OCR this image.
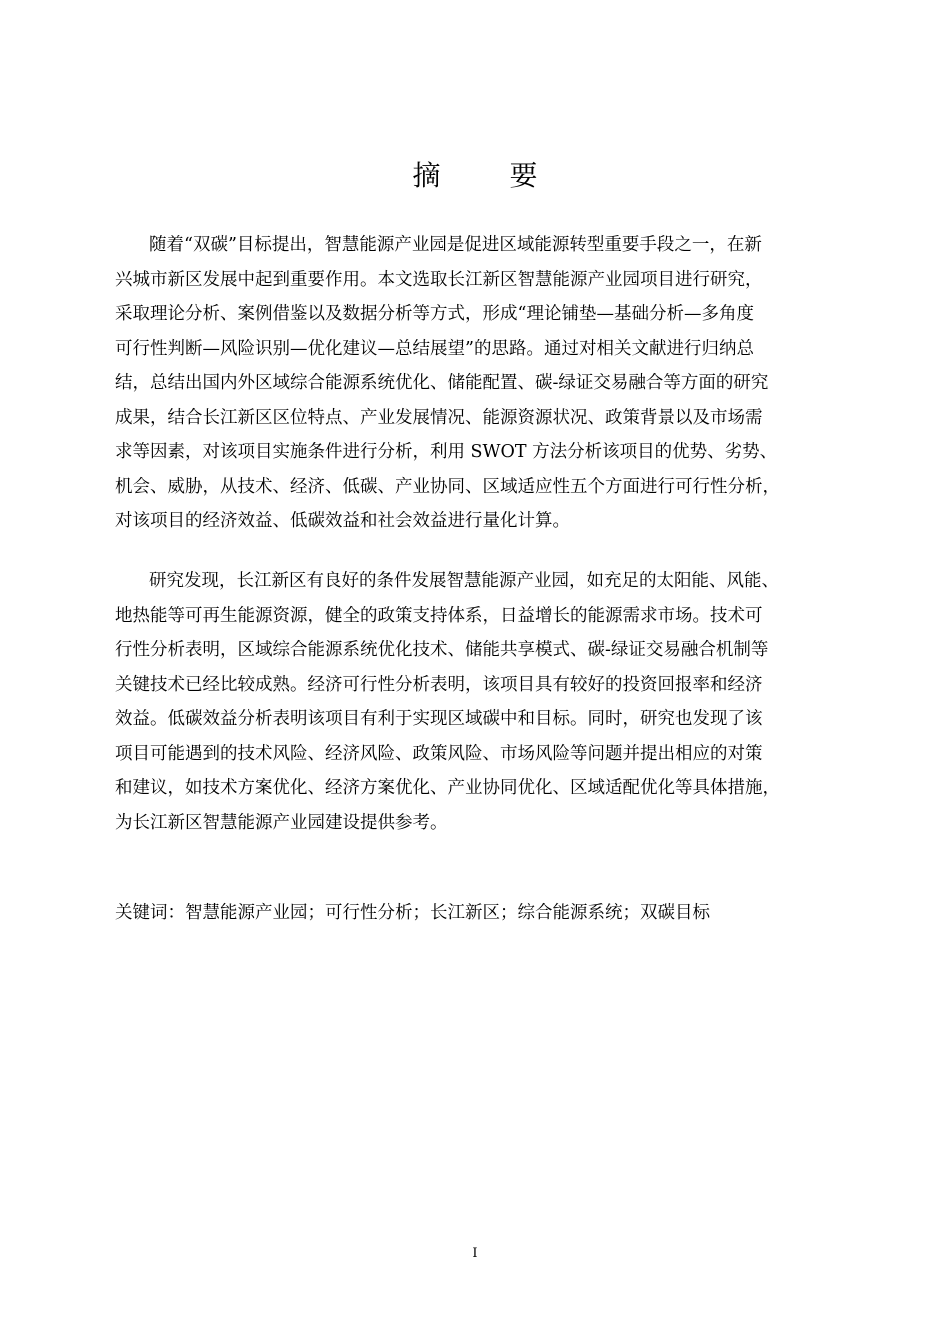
摘 要
随着“双碳”目标提出，智慧能源产业园是促进区域能源转型重要手段之一，在新
兴城市新区发展中起到重要作用。本文选取长江新区智慧能源产业园项目进行研究，
采取理论分析、案例借鉴以及数据分析等方式，形成“理论铺垫—基础分析—多角度
可行性判断—风险识别—优化建议—总结展望”的思路。通过对相关文献进行归纳总
结，总结出国内外区域综合能源系统优化、储能配置、碳-绿证交易融合等方面的研究
成果，结合长江新区区位特点、产业发展情况、能源资源状况、政策背景以及市场需
求等因素，对该项目实施条件进行分析，利用 SWOT 方法分析该项目的优势、劣势、
机会、威胁，从技术、经济、低碳、产业协同、区域适应性五个方面进行可行性分析，
对该项目的经济效益、低碳效益和社会效益进行量化计算。
研究发现，长江新区有良好的条件发展智慧能源产业园，如充足的太阳能、风能、
地热能等可再生能源资源，健全的政策支持体系，日益增长的能源需求市场。技术可
行性分析表明，区域综合能源系统优化技术、储能共享模式、碳-绿证交易融合机制等
关键技术已经比较成熟。经济可行性分析表明，该项目具有较好的投资回报率和经济
效益。低碳效益分析表明该项目有利于实现区域碳中和目标。同时，研究也发现了该
项目可能遇到的技术风险、经济风险、政策风险、市场风险等问题并提出相应的对策
和建议，如技术方案优化、经济方案优化、产业协同优化、区域适配优化等具体措施，
为长江新区智慧能源产业园建设提供参考。
关键词：智慧能源产业园；可行性分析；长江新区；综合能源系统；双碳目标
I
